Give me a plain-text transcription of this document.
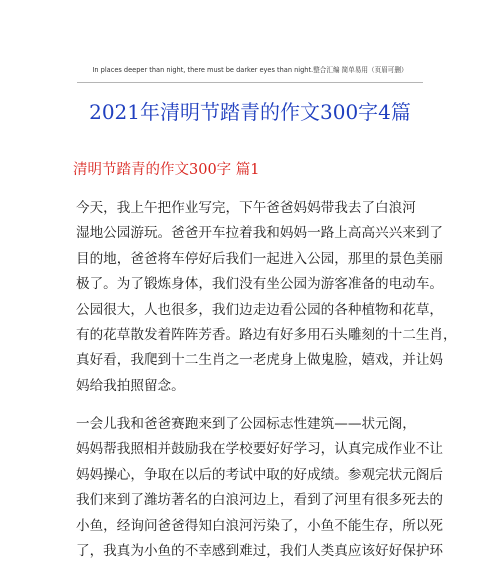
In places deeper than night, there must be darker eyes than night.整合汇编 简单易用（页眉可删）
2021年清明节踏青的作文300字4篇
清明节踏青的作文300字 篇1
今天，我上午把作业写完，下午爸爸妈妈带我去了白浪河
湿地公园游玩。爸爸开车拉着我和妈妈一路上高高兴兴来到了
目的地，爸爸将车停好后我们一起进入公园，那里的景色美丽
极了。为了锻炼身体，我们没有坐公园为游客准备的电动车。
公园很大，人也很多，我们边走边看公园的各种植物和花草，
有的花草散发着阵阵芳香。路边有好多用石头雕刻的十二生肖，
真好看，我爬到十二生肖之一老虎身上做鬼脸，嬉戏，并让妈
妈给我拍照留念。
一会儿我和爸爸赛跑来到了公园标志性建筑——状元阁，
妈妈帮我照相并鼓励我在学校要好好学习，认真完成作业不让
妈妈操心，争取在以后的考试中取的好成绩。参观完状元阁后
我们来到了潍坊著名的白浪河边上，看到了河里有很多死去的
小鱼，经询问爸爸得知白浪河污染了，小鱼不能生存，所以死
了，我真为小鱼的不幸感到难过，我们人类真应该好好保护环
